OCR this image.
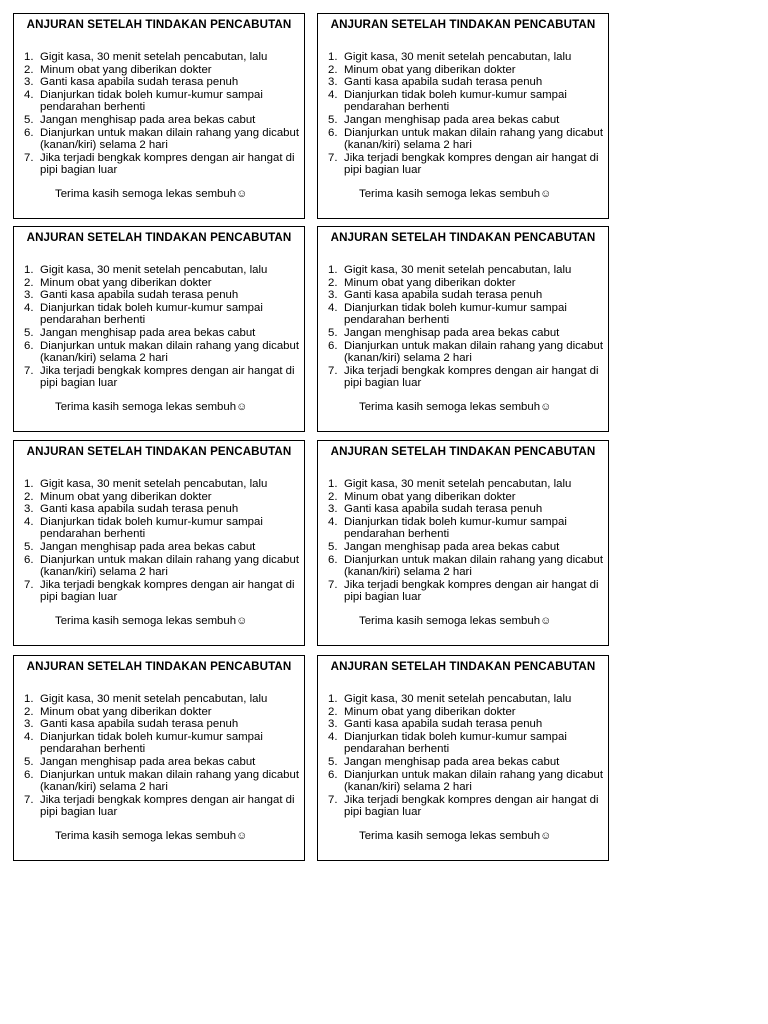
ANJURAN SETELAH TINDAKAN PENCABUTAN
1. Gigit kasa, 30 menit setelah pencabutan, lalu
2. Minum obat yang diberikan dokter
3. Ganti kasa apabila sudah terasa penuh
4. Dianjurkan tidak boleh kumur-kumur sampai pendarahan berhenti
5. Jangan menghisap pada area bekas cabut
6. Dianjurkan untuk makan dilain rahang yang dicabut (kanan/kiri) selama 2 hari
7. Jika terjadi bengkak kompres dengan air hangat di pipi bagian luar
Terima kasih semoga lekas sembuh☺
ANJURAN SETELAH TINDAKAN PENCABUTAN
1. Gigit kasa, 30 menit setelah pencabutan, lalu
2. Minum obat yang diberikan dokter
3. Ganti kasa apabila sudah terasa penuh
4. Dianjurkan tidak boleh kumur-kumur sampai pendarahan berhenti
5. Jangan menghisap pada area bekas cabut
6. Dianjurkan untuk makan dilain rahang yang dicabut (kanan/kiri) selama 2 hari
7. Jika terjadi bengkak kompres dengan air hangat di pipi bagian luar
Terima kasih semoga lekas sembuh☺
ANJURAN SETELAH TINDAKAN PENCABUTAN
1. Gigit kasa, 30 menit setelah pencabutan, lalu
2. Minum obat yang diberikan dokter
3. Ganti kasa apabila sudah terasa penuh
4. Dianjurkan tidak boleh kumur-kumur sampai pendarahan berhenti
5. Jangan menghisap pada area bekas cabut
6. Dianjurkan untuk makan dilain rahang yang dicabut (kanan/kiri) selama 2 hari
7. Jika terjadi bengkak kompres dengan air hangat di pipi bagian luar
Terima kasih semoga lekas sembuh☺
ANJURAN SETELAH TINDAKAN PENCABUTAN
1. Gigit kasa, 30 menit setelah pencabutan, lalu
2. Minum obat yang diberikan dokter
3. Ganti kasa apabila sudah terasa penuh
4. Dianjurkan tidak boleh kumur-kumur sampai pendarahan berhenti
5. Jangan menghisap pada area bekas cabut
6. Dianjurkan untuk makan dilain rahang yang dicabut (kanan/kiri) selama 2 hari
7. Jika terjadi bengkak kompres dengan air hangat di pipi bagian luar
Terima kasih semoga lekas sembuh☺
ANJURAN SETELAH TINDAKAN PENCABUTAN
1. Gigit kasa, 30 menit setelah pencabutan, lalu
2. Minum obat yang diberikan dokter
3. Ganti kasa apabila sudah terasa penuh
4. Dianjurkan tidak boleh kumur-kumur sampai pendarahan berhenti
5. Jangan menghisap pada area bekas cabut
6. Dianjurkan untuk makan dilain rahang yang dicabut (kanan/kiri) selama 2 hari
7. Jika terjadi bengkak kompres dengan air hangat di pipi bagian luar
Terima kasih semoga lekas sembuh☺
ANJURAN SETELAH TINDAKAN PENCABUTAN
1. Gigit kasa, 30 menit setelah pencabutan, lalu
2. Minum obat yang diberikan dokter
3. Ganti kasa apabila sudah terasa penuh
4. Dianjurkan tidak boleh kumur-kumur sampai pendarahan berhenti
5. Jangan menghisap pada area bekas cabut
6. Dianjurkan untuk makan dilain rahang yang dicabut (kanan/kiri) selama 2 hari
7. Jika terjadi bengkak kompres dengan air hangat di pipi bagian luar
Terima kasih semoga lekas sembuh☺
ANJURAN SETELAH TINDAKAN PENCABUTAN
1. Gigit kasa, 30 menit setelah pencabutan, lalu
2. Minum obat yang diberikan dokter
3. Ganti kasa apabila sudah terasa penuh
4. Dianjurkan tidak boleh kumur-kumur sampai pendarahan berhenti
5. Jangan menghisap pada area bekas cabut
6. Dianjurkan untuk makan dilain rahang yang dicabut (kanan/kiri) selama 2 hari
7. Jika terjadi bengkak kompres dengan air hangat di pipi bagian luar
Terima kasih semoga lekas sembuh☺
ANJURAN SETELAH TINDAKAN PENCABUTAN
1. Gigit kasa, 30 menit setelah pencabutan, lalu
2. Minum obat yang diberikan dokter
3. Ganti kasa apabila sudah terasa penuh
4. Dianjurkan tidak boleh kumur-kumur sampai pendarahan berhenti
5. Jangan menghisap pada area bekas cabut
6. Dianjurkan untuk makan dilain rahang yang dicabut (kanan/kiri) selama 2 hari
7. Jika terjadi bengkak kompres dengan air hangat di pipi bagian luar
Terima kasih semoga lekas sembuh☺
